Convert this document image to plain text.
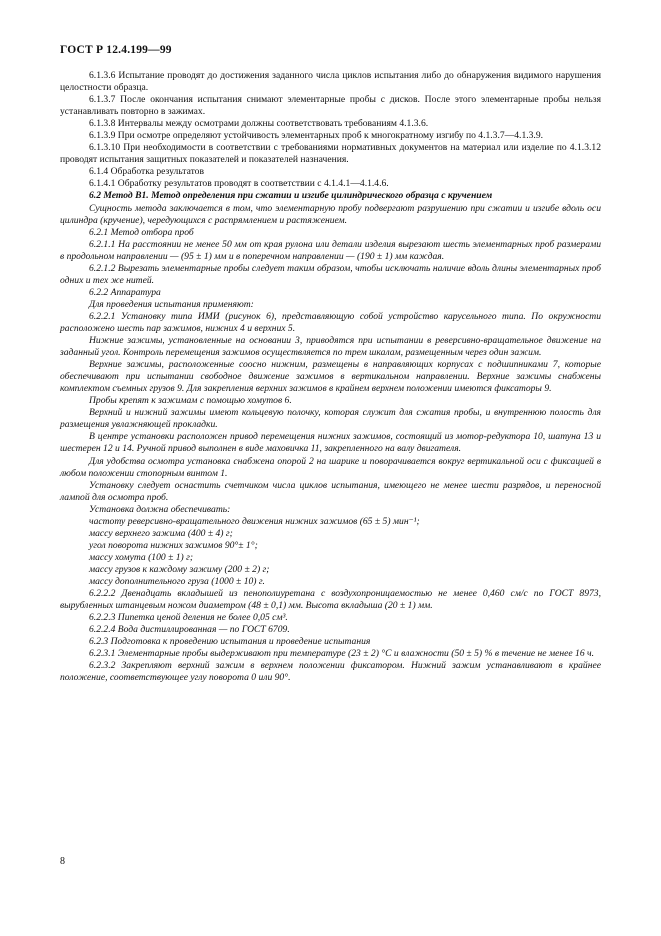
ГОСТ Р 12.4.199—99

6.1.3.6 Испытание проводят до достижения заданного числа циклов испытания либо до обнаружения видимого нарушения целостности образца.

6.1.3.7 После окончания испытания снимают элементарные пробы с дисков. После этого элементарные пробы нельзя устанавливать повторно в зажимах.

6.1.3.8 Интервалы между осмотрами должны соответствовать требованиям 4.1.3.6.

6.1.3.9 При осмотре определяют устойчивость элементарных проб к многократному изгибу по 4.1.3.7—4.1.3.9.

6.1.3.10 При необходимости в соответствии с требованиями нормативных документов на материал или изделие по 4.1.3.12 проводят испытания защитных показателей и показателей назначения.

6.1.4 Обработка результатов

6.1.4.1 Обработку результатов проводят в соответствии с 4.1.4.1—4.1.4.6.

6.2 Метод В1. Метод определения при сжатии и изгибе цилиндрического образца с кручением

Сущность метода заключается в том, что элементарную пробу подвергают разрушению при сжатии и изгибе вдоль оси цилиндра (кручение), чередующихся с распрямлением и растяжением.

6.2.1 Метод отбора проб

6.2.1.1 На расстоянии не менее 50 мм от края рулона или детали изделия вырезают шесть элементарных проб размерами в продольном направлении — (95 ± 1) мм и в поперечном направлении — (190 ± 1) мм каждая.

6.2.1.2 Вырезать элементарные пробы следует таким образом, чтобы исключать наличие вдоль длины элементарных проб одних и тех же нитей.

6.2.2 Аппаратура

Для проведения испытания применяют:

6.2.2.1 Установку типа ИМИ (рисунок 6), представляющую собой устройство карусельного типа. По окружности расположено шесть пар зажимов, нижних 4 и верхних 5.

Нижние зажимы, установленные на основании 3, приводятся при испытании в реверсивно-вращательное движение на заданный угол. Контроль перемещения зажимов осуществляется по трем шкалам, размещенным через один зажим.

Верхние зажимы, расположенные соосно нижним, размещены в направляющих корпусах с подшипниками 7, которые обеспечивают при испытании свободное движение зажимов в вертикальном направлении. Верхние зажимы снабжены комплектом съемных грузов 9. Для закрепления верхних зажимов в крайнем верхнем положении имеются фиксаторы 9.

Пробы крепят к зажимам с помощью хомутов 6.

Верхний и нижний зажимы имеют кольцевую полочку, которая служит для сжатия пробы, и внутреннюю полость для размещения увлажняющей прокладки.

В центре установки расположен привод перемещения нижних зажимов, состоящий из мотор-редуктора 10, шатуна 13 и шестерен 12 и 14. Ручной привод выполнен в виде маховичка 11, закрепленного на валу двигателя.

Для удобства осмотра установка снабжена опорой 2 на шарике и поворачивается вокруг вертикальной оси с фиксацией в любом положении стопорным винтом 1.

Установку следует оснастить счетчиком числа циклов испытания, имеющего не менее шести разрядов, и переносной лампой для осмотра проб.

Установка должна обеспечивать:

частоту реверсивно-вращательного движения нижних зажимов (65 ± 5) мин⁻¹;

массу верхнего зажима (400 ± 4) г;

угол поворота нижних зажимов 90°± 1°;

массу хомута (100 ± 1) г;

массу грузов к каждому зажиму (200 ± 2) г;

массу дополнительного груза (1000 ± 10) г.

6.2.2.2 Двенадцать вкладышей из пенополиуретана с воздухопроницаемостью не менее 0,460 см/с по ГОСТ 8973, вырубленных штанцевым ножом диаметром (48 ± 0,1) мм. Высота вкладыша (20 ± 1) мм.

6.2.2.3 Пипетка ценой деления не более 0,05 см³.

6.2.2.4 Вода дистиллированная — по ГОСТ 6709.

6.2.3 Подготовка к проведению испытания и проведение испытания

6.2.3.1 Элементарные пробы выдерживают при температуре (23 ± 2) °С и влажности (50 ± 5) % в течение не менее 16 ч.

6.2.3.2 Закрепляют верхний зажим в верхнем положении фиксатором. Нижний зажим устанавливают в крайнее положение, соответствующее углу поворота 0 или 90°.

8
